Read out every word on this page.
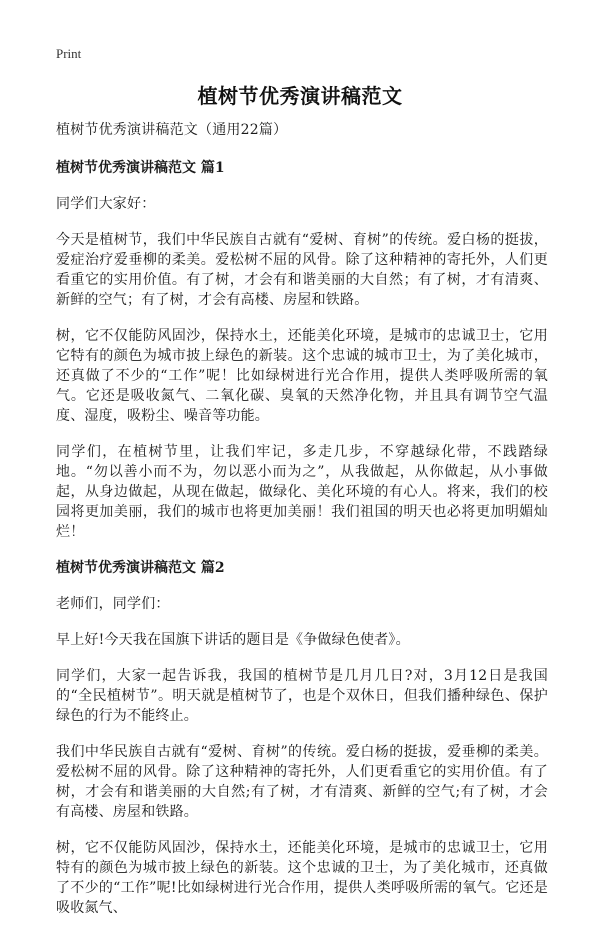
Print
植树节优秀演讲稿范文

植树节优秀演讲稿范文（通用22篇）

植树节优秀演讲稿范文 篇1

同学们大家好：

今天是植树节，我们中华民族自古就有“爱树、育树”的传统。爱白杨的挺拔，爱症治疗爱垂柳的柔美。爱松树不屈的风骨。除了这种精神的寄托外，人们更看重它的实用价值。有了树，才会有和谐美丽的大自然；有了树，才有清爽、新鲜的空气；有了树，才会有高楼、房屋和铁路。

树，它不仅能防风固沙，保持水土，还能美化环境，是城市的忠诚卫士，它用它特有的颜色为城市披上绿色的新装。这个忠诚的城市卫士，为了美化城市，还真做了不少的“工作”呢！比如绿树进行光合作用，提供人类呼吸所需的氧气。它还是吸收氮气、二氧化碳、臭氧的天然净化物，并且具有调节空气温度、湿度，吸粉尘、噪音等功能。

同学们，在植树节里，让我们牢记，多走几步，不穿越绿化带，不践踏绿地。“勿以善小而不为，勿以恶小而为之”，从我做起，从你做起，从小事做起，从身边做起，从现在做起，做绿化、美化环境的有心人。将来，我们的校园将更加美丽，我们的城市也将更加美丽！我们祖国的明天也必将更加明媚灿烂！

植树节优秀演讲稿范文 篇2

老师们，同学们：

早上好!今天我在国旗下讲话的题目是《争做绿色使者》。

同学们，大家一起告诉我，我国的植树节是几月几日?对，3月12日是我国的“全民植树节”。明天就是植树节了，也是个双休日，但我们播种绿色、保护绿色的行为不能终止。

我们中华民族自古就有“爱树、育树”的传统。爱白杨的挺拔，爱垂柳的柔美。爱松树不屈的风骨。除了这种精神的寄托外，人们更看重它的实用价值。有了树，才会有和谐美丽的大自然;有了树，才有清爽、新鲜的空气;有了树，才会有高楼、房屋和铁路。

树，它不仅能防风固沙，保持水土，还能美化环境，是城市的忠诚卫士，它用特有的颜色为城市披上绿色的新装。这个忠诚的卫士，为了美化城市，还真做了不少的“工作”呢!比如绿树进行光合作用，提供人类呼吸所需的氧气。它还是吸收氮气、
